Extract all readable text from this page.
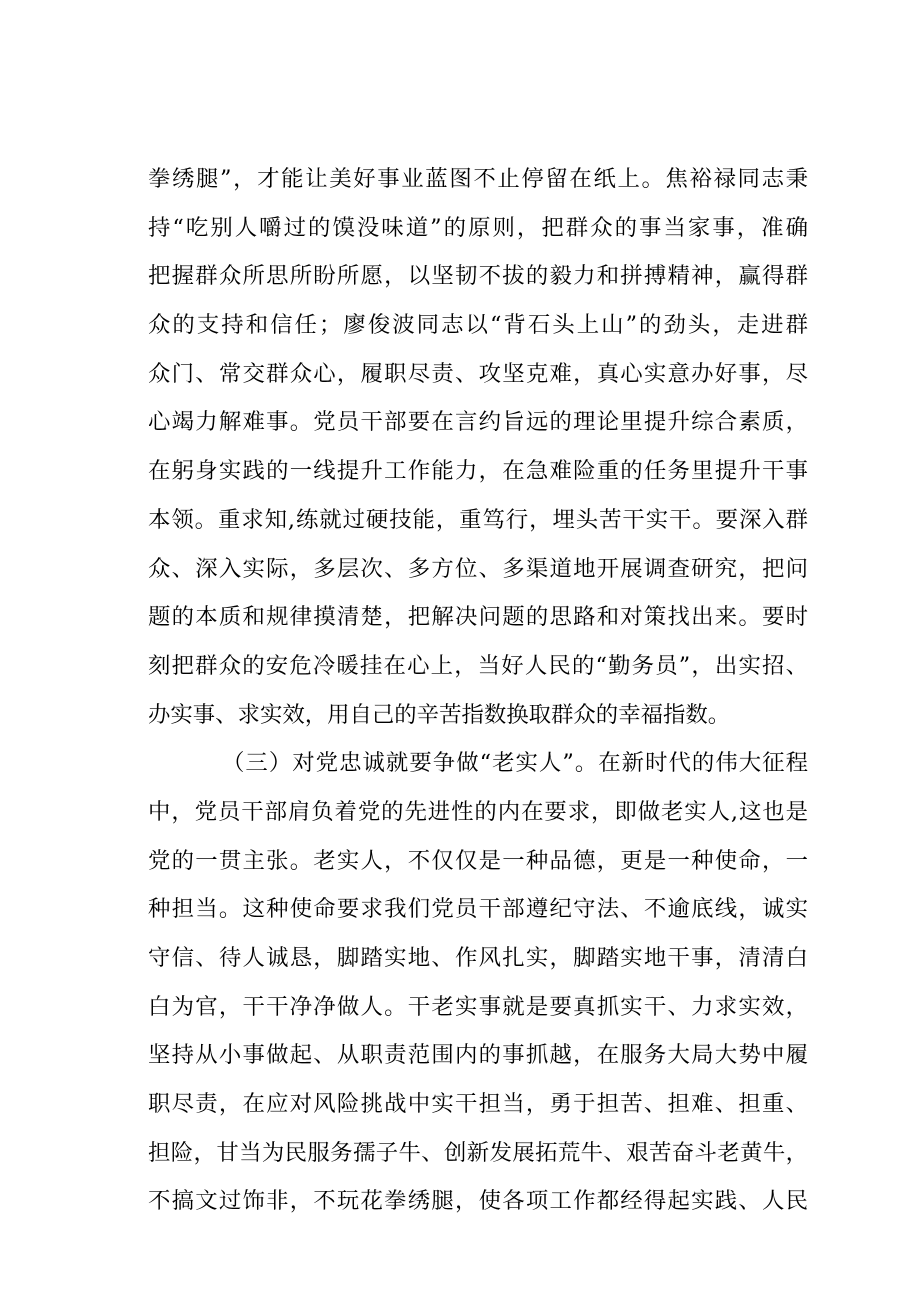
拳绣腿”，才能让美好事业蓝图不止停留在纸上。焦裕禄同志秉
持“吃别人嚼过的馍没味道”的原则，把群众的事当家事，准确
把握群众所思所盼所愿，以坚韧不拔的毅力和拼搏精神，赢得群
众的支持和信任；廖俊波同志以“背石头上山”的劲头，走进群
众门、常交群众心，履职尽责、攻坚克难，真心实意办好事，尽
心竭力解难事。党员干部要在言约旨远的理论里提升综合素质，
在躬身实践的一线提升工作能力，在急难险重的任务里提升干事
本领。重求知,练就过硬技能，重笃行，埋头苦干实干。要深入群
众、深入实际，多层次、多方位、多渠道地开展调查研究，把问
题的本质和规律摸清楚，把解决问题的思路和对策找出来。要时
刻把群众的安危冷暖挂在心上，当好人民的“勤务员”，出实招、
办实事、求实效，用自己的辛苦指数换取群众的幸福指数。
（三）对党忠诚就要争做“老实人”。在新时代的伟大征程
中，党员干部肩负着党的先进性的内在要求，即做老实人,这也是
党的一贯主张。老实人，不仅仅是一种品德，更是一种使命，一
种担当。这种使命要求我们党员干部遵纪守法、不逾底线，诚实
守信、待人诚恳，脚踏实地、作风扎实，脚踏实地干事，清清白
白为官，干干净净做人。干老实事就是要真抓实干、力求实效，
坚持从小事做起、从职责范围内的事抓越，在服务大局大势中履
职尽责，在应对风险挑战中实干担当，勇于担苦、担难、担重、
担险，甘当为民服务孺子牛、创新发展拓荒牛、艰苦奋斗老黄牛，
不搞文过饰非，不玩花拳绣腿，使各项工作都经得起实践、人民
